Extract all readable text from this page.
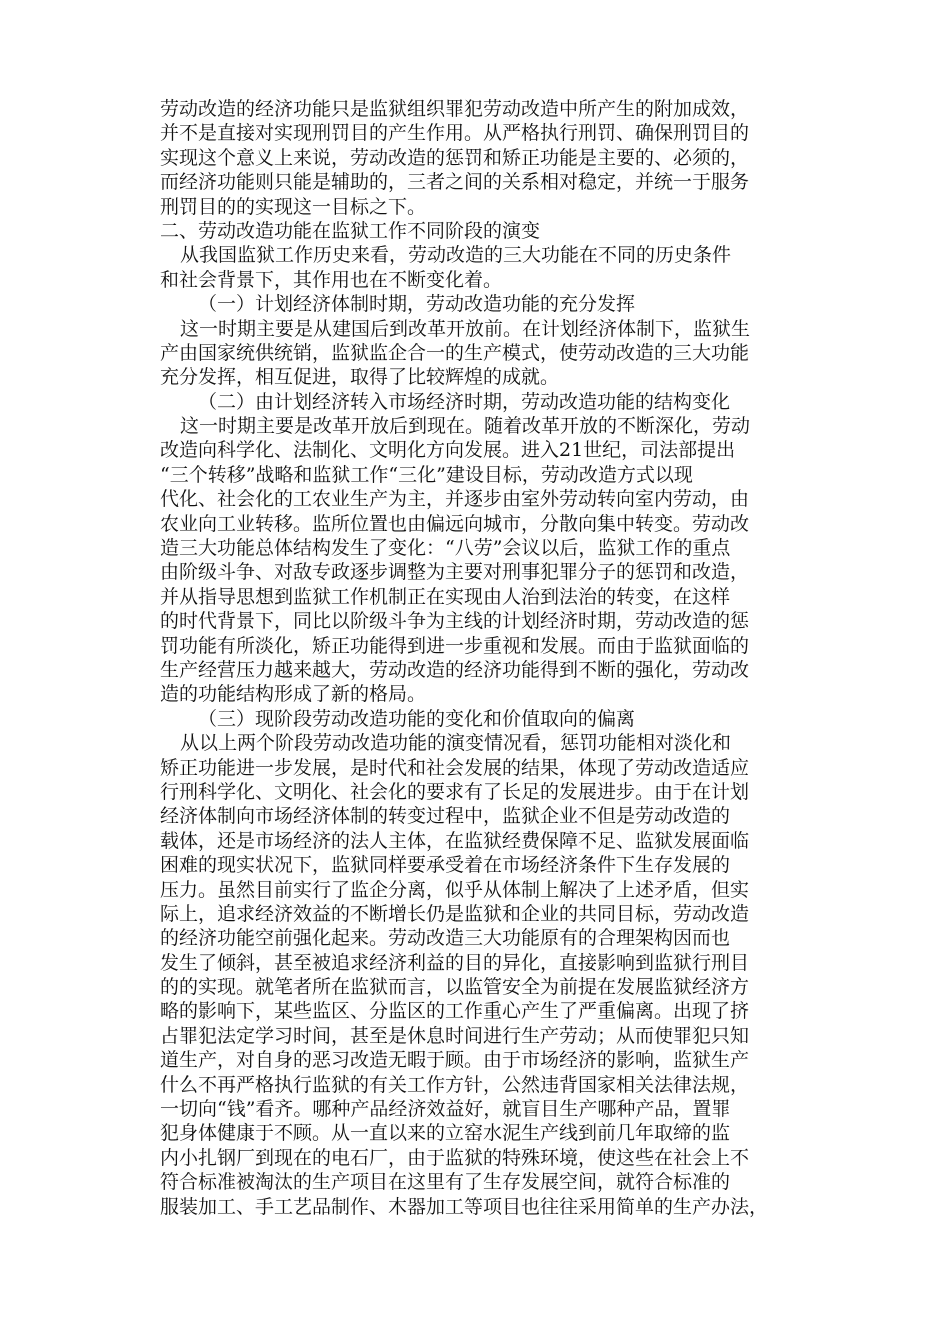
劳动改造的经济功能只是监狱组织罪犯劳动改造中所产生的附加成效，
并不是直接对实现刑罚目的产生作用。从严格执行刑罚、确保刑罚目的
实现这个意义上来说，劳动改造的惩罚和矫正功能是主要的、必须的，
而经济功能则只能是辅助的，三者之间的关系相对稳定，并统一于服务
刑罚目的的实现这一目标之下。
二、劳动改造功能在监狱工作不同阶段的演变
从我国监狱工作历史来看，劳动改造的三大功能在不同的历史条件
和社会背景下，其作用也在不断变化着。
（一）计划经济体制时期，劳动改造功能的充分发挥
这一时期主要是从建国后到改革开放前。在计划经济体制下，监狱生
产由国家统供统销，监狱监企合一的生产模式，使劳动改造的三大功能
充分发挥，相互促进，取得了比较辉煌的成就。
（二）由计划经济转入市场经济时期，劳动改造功能的结构变化
这一时期主要是改革开放后到现在。随着改革开放的不断深化，劳动
改造向科学化、法制化、文明化方向发展。进入21世纪，司法部提出
“三个转移”战略和监狱工作“三化”建设目标，劳动改造方式以现
代化、社会化的工农业生产为主，并逐步由室外劳动转向室内劳动，由
农业向工业转移。监所位置也由偏远向城市，分散向集中转变。劳动改
造三大功能总体结构发生了变化：“八劳”会议以后，监狱工作的重点
由阶级斗争、对敌专政逐步调整为主要对刑事犯罪分子的惩罚和改造，
并从指导思想到监狱工作机制正在实现由人治到法治的转变，在这样
的时代背景下，同比以阶级斗争为主线的计划经济时期，劳动改造的惩
罚功能有所淡化，矫正功能得到进一步重视和发展。而由于监狱面临的
生产经营压力越来越大，劳动改造的经济功能得到不断的强化，劳动改
造的功能结构形成了新的格局。
（三）现阶段劳动改造功能的变化和价值取向的偏离
从以上两个阶段劳动改造功能的演变情况看，惩罚功能相对淡化和
矫正功能进一步发展，是时代和社会发展的结果，体现了劳动改造适应
行刑科学化、文明化、社会化的要求有了长足的发展进步。由于在计划
经济体制向市场经济体制的转变过程中，监狱企业不但是劳动改造的
载体，还是市场经济的法人主体，在监狱经费保障不足、监狱发展面临
困难的现实状况下，监狱同样要承受着在市场经济条件下生存发展的
压力。虽然目前实行了监企分离，似乎从体制上解决了上述矛盾，但实
际上，追求经济效益的不断增长仍是监狱和企业的共同目标，劳动改造
的经济功能空前强化起来。劳动改造三大功能原有的合理架构因而也
发生了倾斜，甚至被追求经济利益的目的异化，直接影响到监狱行刑目
的的实现。就笔者所在监狱而言，以监管安全为前提在发展监狱经济方
略的影响下，某些监区、分监区的工作重心产生了严重偏离。出现了挤
占罪犯法定学习时间，甚至是休息时间进行生产劳动；从而使罪犯只知
道生产，对自身的恶习改造无暇于顾。由于市场经济的影响，监狱生产
什么不再严格执行监狱的有关工作方针，公然违背国家相关法律法规，
一切向“钱”看齐。哪种产品经济效益好，就盲目生产哪种产品，置罪
犯身体健康于不顾。从一直以来的立窑水泥生产线到前几年取缔的监
内小扎钢厂到现在的电石厂，由于监狱的特殊环境，使这些在社会上不
符合标准被淘汰的生产项目在这里有了生存发展空间，就符合标准的
服装加工、手工艺品制作、木器加工等项目也往往采用简单的生产办法，
